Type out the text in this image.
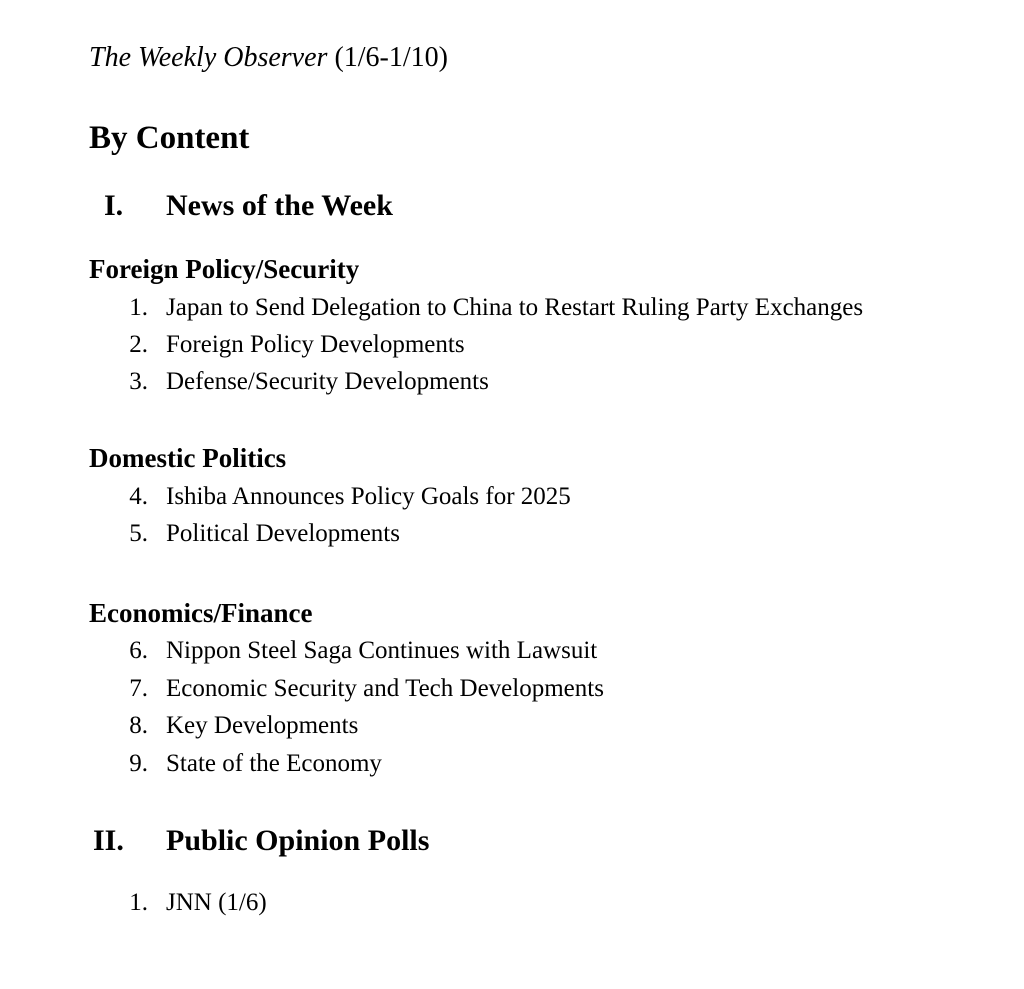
The Weekly Observer (1/6-1/10)
By Content
I. News of the Week
Foreign Policy/Security
1. Japan to Send Delegation to China to Restart Ruling Party Exchanges
2. Foreign Policy Developments
3. Defense/Security Developments
Domestic Politics
4. Ishiba Announces Policy Goals for 2025
5. Political Developments
Economics/Finance
6. Nippon Steel Saga Continues with Lawsuit
7. Economic Security and Tech Developments
8. Key Developments
9. State of the Economy
II. Public Opinion Polls
1. JNN (1/6)
